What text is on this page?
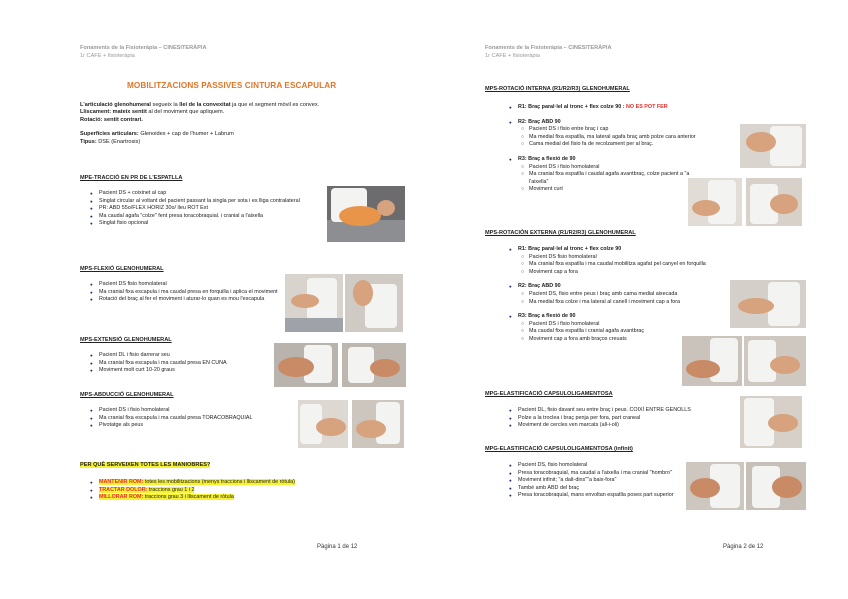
Fonaments de la Fisioteràpia – CINESITERÀPIA
1r CAFE + fisioteràpia
MOBILITZACIONS PASSIVES CINTURA ESCAPULAR
L'articulació glenohumeral segueix la llei de la convexitat ja que el segment mòvil es convex.
Lliscament: mateix sentit al del moviment que apliquem.
Rotació: sentit contrari.
Superfícies articulars: Glenoides + cap de l'humer + Labrum
Tipus: DSE (Enartrosis)
MPE-TRACCIÓ EN PR DE L'ESPATLLA
● Pacient DS + coixinet al cap
● Singlat circular al voltant del pacient passant la singla per sota i es lliga contralateral
● PR: ABD 55o/FLEX HORIZ 30o/ lleu ROT Ext
● Ma caudal agafa "colze" fent presa toracobraquial. i cranial a l'aixella
● Singlat fisio opcional
MPS-FLEXIÓ GLENOHUMERAL
● Pacient DS fisio homolateral
● Ma cranial fixa escapula i ma caudal presa en forquilla i aplica el moviment
● Rotació del braç al fer el moviment i aturar-lo quan es mou l'escapula
MPS-EXTENSIÓ GLENOHUMERAL
● Pacient DL i fisio darrerar seu
● Ma cranial fixa escapula i ma caudal presa EN CUNA
● Moviment molt curt 10-20 graus
MPS-ABDUCCIÓ GLENOHUMERAL
● Pacient DS i fisio homolateral
● Ma cranial fixa escapula i ma caudal presa TORACOBRAQUIAL
● Pivotatge als peus
PER QUÈ SERVEIXEN TOTES LES MANIOBRES?
● MANTENIR ROM: totes les mobilitzacions (menys traccions i lliscament de ròtula)
● TRACTAR DOLOR: traccions grau 1 i 2
● MILLORAR ROM: traccions grau 3 i lliscament de ròtula
Pàgina 1 de 12
Fonaments de la Fisioteràpia – CINESITERÀPIA
1r CAFE + fisioteràpia
MPS-ROTACIÓ INTERNA (R1/R2/R3) GLENOHUMERAL
● R1: Braç paral·lel al tronc + flex colze 90 : NO ES POT FER
● R2: Braç ABD 90
○ Pacient DS i fisio entre braç i cap
○ Ma medial fixa espatlla, ma lateral agafa braç amb polze cara anterior
○ Cama medial del fisio fa de recolzament per al braç.
● R3: Braç a flexió de 90
○ Pacient DS i fisio homolateral
○ Ma cranial fixa espatlla i caudal agafa avantbraç, colze pacient a "a l'aixella"
○ Moviment curt
MPS-ROTACIÓN EXTERNA (R1/R2/R3) GLENOHUMERAL
● R1: Braç paral·lel al tronc + flex colze 90
○ Pacient DS fisio homolateral
○ Ma cranial fixa espatlla i ma caudal mobilitza agafat pel canyel en forquilla
○ Moviment cap a fora
● R2: Braç ABD 90
○ Pacient DS, fisio entre peus i braç amb cama medial aixecada
○ Ma medial fixa colze i ma lateral al canell i moviment cap a fora
● R3: Braç a flexió de 90
○ Pacient DS i fisio homolateral
○ Ma caudal fixa espatlla i cranial agafa avantbraç
○ Moviment cap a fora amb braços creuats
MPG-ELASTIFICACIÓ CAPSULOLIGAMENTOSA
● Pacient DL, fisio davant seu entre braç i peus. COIXÍ ENTRE GENOLLS
● Polze a la troclea i braç penja per fora, part craneal
● Moviment de cercles ven marcats (all-i-oli)
MPG-ELASTIFICACIÓ CAPSULOLIGAMENTOSA (infinit)
● Pacient DS, fisio homolateral
● Presa toracobraquial, ma caudal a l'aixella i ma cranial "hombro"
● Moviment infinit; "a dalt-dins""a baix-fora"
● També amb ABD del braç
● Presa toracobraquial, mans envoltan espatlla poses part superior
Pàgina 2 de 12
